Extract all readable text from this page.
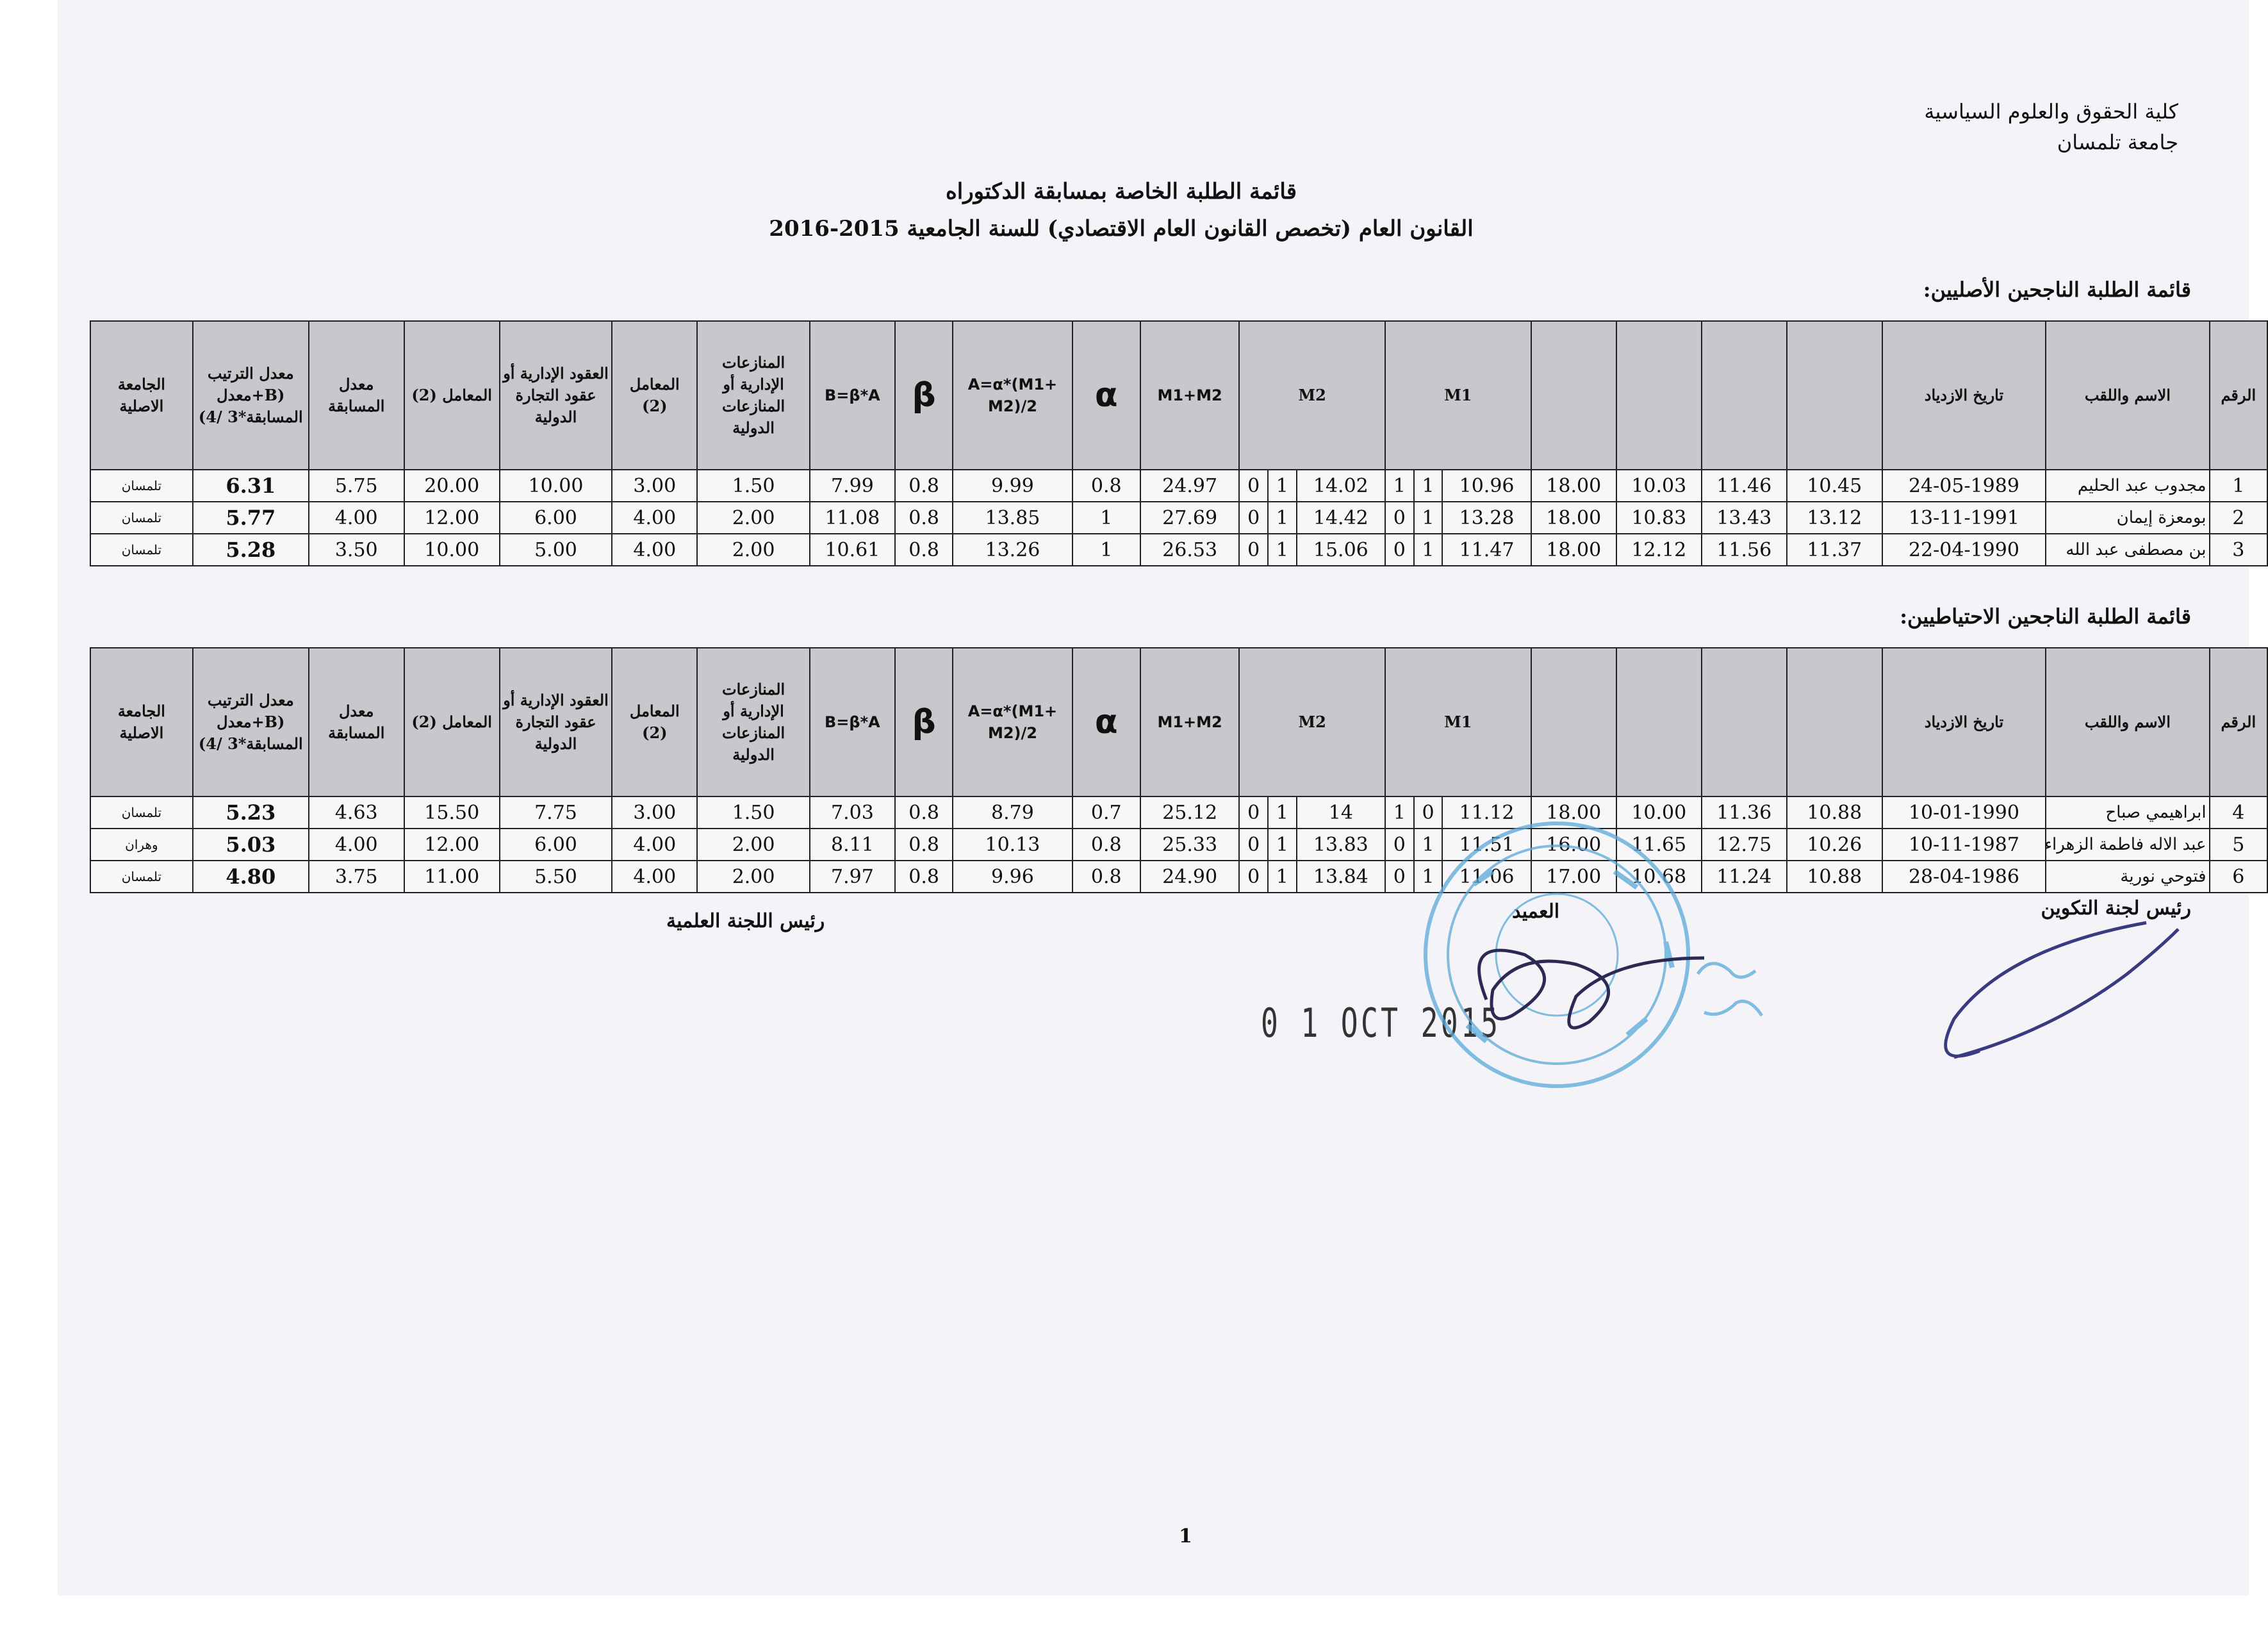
كلية الحقوق والعلوم السياسية
جامعة تلمسان
قائمة الطلبة الخاصة بمسابقة الدكتوراه
القانون العام (تخصص القانون العام الاقتصادي) للسنة الجامعية 2015-2016
قائمة الطلبة الناجحين الأصليين:
الرقم	الاسم واللقب	تاريخ الازدياد					M1			M2			M1+M2	α	A=α*(M1+ M2)/2	β	B=β*A	المنازعات الإدارية أو المنازعات الدولية	المعامل (2)	العقود الإدارية أو عقود التجارة الدولية	المعامل (2)	معدل المسابقة	معدل الترتيب (B+معدل المسابقة*3 /4)	الجامعة الاصلية
1	مجدوب عبد الحليم	24-05-1989	10.45	11.46	10.03	18.00	10.96	1	1	14.02	1	0	24.97	0.8	9.99	0.8	7.99	1.50	3.00	10.00	20.00	5.75	6.31	تلمسان
2	بومعزة إيمان	13-11-1991	13.12	13.43	10.83	18.00	13.28	1	0	14.42	1	0	27.69	1	13.85	0.8	11.08	2.00	4.00	6.00	12.00	4.00	5.77	تلمسان
3	بن مصطفى عبد الله	22-04-1990	11.37	11.56	12.12	18.00	11.47	1	0	15.06	1	0	26.53	1	13.26	0.8	10.61	2.00	4.00	5.00	10.00	3.50	5.28	تلمسان
قائمة الطلبة الناجحين الاحتياطيين:
الرقم	الاسم واللقب	تاريخ الازدياد					M1			M2			M1+M2	α	A=α*(M1+ M2)/2	β	B=β*A	المنازعات الإدارية أو المنازعات الدولية	المعامل (2)	العقود الإدارية أو عقود التجارة الدولية	المعامل (2)	معدل المسابقة	معدل الترتيب (B+معدل المسابقة*3 /4)	الجامعة الاصلية
4	ابراهيمي صباح	10-01-1990	10.88	11.36	10.00	18.00	11.12	0	1	14	1	0	25.12	0.7	8.79	0.8	7.03	1.50	3.00	7.75	15.50	4.63	5.23	تلمسان
5	عبد الاله فاطمة الزهراء	10-11-1987	10.26	12.75	11.65	16.00	11.51	1	0	13.83	1	0	25.33	0.8	10.13	0.8	8.11	2.00	4.00	6.00	12.00	4.00	5.03	وهران
6	فتوحي نورية	28-04-1986	10.88	11.24	10.68	17.00	11.06	1	0	13.84	1	0	24.90	0.8	9.96	0.8	7.97	2.00	4.00	5.50	11.00	3.75	4.80	تلمسان
رئيس لجنة التكوين
العميد
رئيس اللجنة العلمية
0 1 OCT 2015
1
